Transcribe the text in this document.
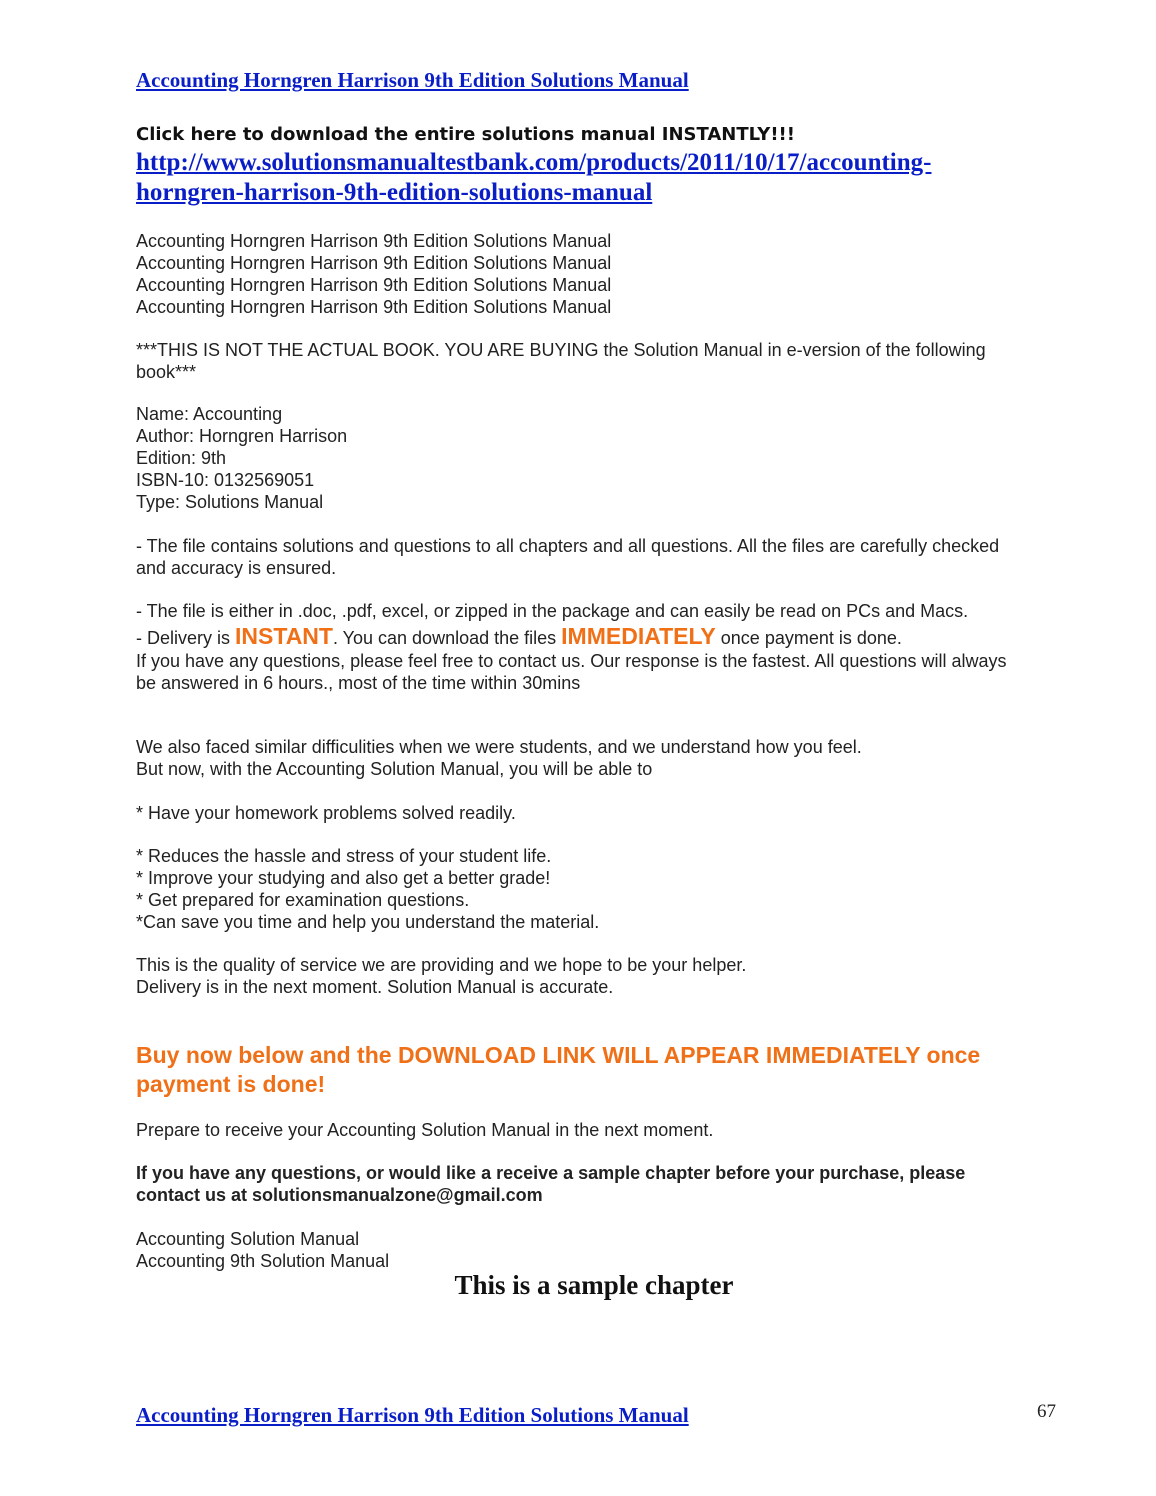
Accounting Horngren Harrison 9th Edition Solutions Manual
Click here to download the entire solutions manual INSTANTLY!!!
http://www.solutionsmanualtestbank.com/products/2011/10/17/accounting-
horngren-harrison-9th-edition-solutions-manual
Accounting Horngren Harrison 9th Edition Solutions Manual
Accounting Horngren Harrison 9th Edition Solutions Manual
Accounting Horngren Harrison 9th Edition Solutions Manual
Accounting Horngren Harrison 9th Edition Solutions Manual
***THIS IS NOT THE ACTUAL BOOK. YOU ARE BUYING the Solution Manual in e-version of the following
book***
Name: Accounting
Author: Horngren Harrison
Edition: 9th
ISBN-10: 0132569051
Type: Solutions Manual
- The file contains solutions and questions to all chapters and all questions. All the files are carefully checked
and accuracy is ensured.
- The file is either in .doc, .pdf, excel, or zipped in the package and can easily be read on PCs and Macs.
- Delivery is INSTANT. You can download the files IMMEDIATELY once payment is done.
If you have any questions, please feel free to contact us. Our response is the fastest. All questions will always
be answered in 6 hours., most of the time within 30mins
We also faced similar difficulities when we were students, and we understand how you feel.
But now, with the Accounting Solution Manual, you will be able to
* Have your homework problems solved readily.
* Reduces the hassle and stress of your student life.
* Improve your studying and also get a better grade!
* Get prepared for examination questions.
*Can save you time and help you understand the material.
This is the quality of service we are providing and we hope to be your helper.
Delivery is in the next moment. Solution Manual is accurate.
Buy now below and the DOWNLOAD LINK WILL APPEAR IMMEDIATELY once
payment is done!
Prepare to receive your Accounting Solution Manual in the next moment.
If you have any questions, or would like a receive a sample chapter before your purchase, please
contact us at solutionsmanualzone@gmail.com
Accounting Solution Manual
Accounting 9th Solution Manual
This is a sample chapter
Accounting Horngren Harrison 9th Edition Solutions Manual	67
